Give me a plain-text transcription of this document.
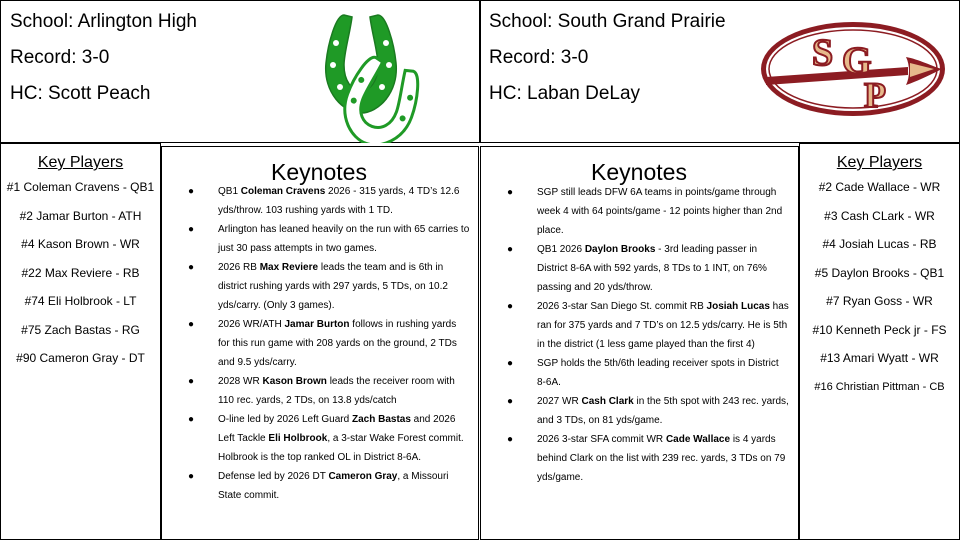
School: Arlington High
Record: 3-0
HC: Scott Peach
School: South Grand Prairie
Record: 3-0
HC: Laban DeLay
S G
P
Key Players
#1 Coleman Cravens - QB1
#2 Jamar Burton - ATH
#4 Kason Brown - WR
#22 Max Reviere - RB
#74 Eli Holbrook - LT
#75 Zach Bastas - RG
#90 Cameron Gray - DT
Keynotes
● QB1 Coleman Cravens 2026 - 315 yards, 4 TD’s 12.6 yds/throw. 103 rushing yards with 1 TD.
● Arlington has leaned heavily on the run with 65 carries to just 30 pass attempts in two games.
● 2026 RB Max Reviere leads the team and is 6th in district rushing yards with 297 yards, 5 TDs, on 10.2 yds/carry. (Only 3 games).
● 2026 WR/ATH Jamar Burton follows in rushing yards for this run game with 208 yards on the ground, 2 TDs and 9.5 yds/carry.
● 2028 WR Kason Brown leads the receiver room with 110 rec. yards, 2 TDs, on 13.8 yds/catch
● O-line led by 2026 Left Guard Zach Bastas and 2026 Left Tackle Eli Holbrook, a 3-star Wake Forest commit. Holbrook is the top ranked OL in District 8-6A.
● Defense led by 2026 DT Cameron Gray, a Missouri State commit.
Keynotes
● SGP still leads DFW 6A teams in points/game through week 4 with 64 points/game - 12 points higher than 2nd place.
● QB1 2026 Daylon Brooks - 3rd leading passer in District 8-6A with 592 yards, 8 TDs to 1 INT, on 76% passing and 20 yds/throw.
● 2026 3-star San Diego St. commit RB Josiah Lucas has ran for 375 yards and 7 TD’s on 12.5 yds/carry. He is 5th in the district (1 less game played than the first 4)
● SGP holds the 5th/6th leading receiver spots in District 8-6A.
● 2027 WR Cash Clark in the 5th spot with 243 rec. yards, and 3 TDs, on 81 yds/game.
● 2026 3-star SFA commit WR Cade Wallace is 4 yards behind Clark on the list with 239 rec. yards, 3 TDs on 79 yds/game.
Key Players
#2 Cade Wallace - WR
#3 Cash CLark - WR
#4 Josiah Lucas - RB
#5 Daylon Brooks - QB1
#7 Ryan Goss - WR
#10 Kenneth Peck jr - FS
#13 Amari Wyatt - WR
#16 Christian Pittman - CB
